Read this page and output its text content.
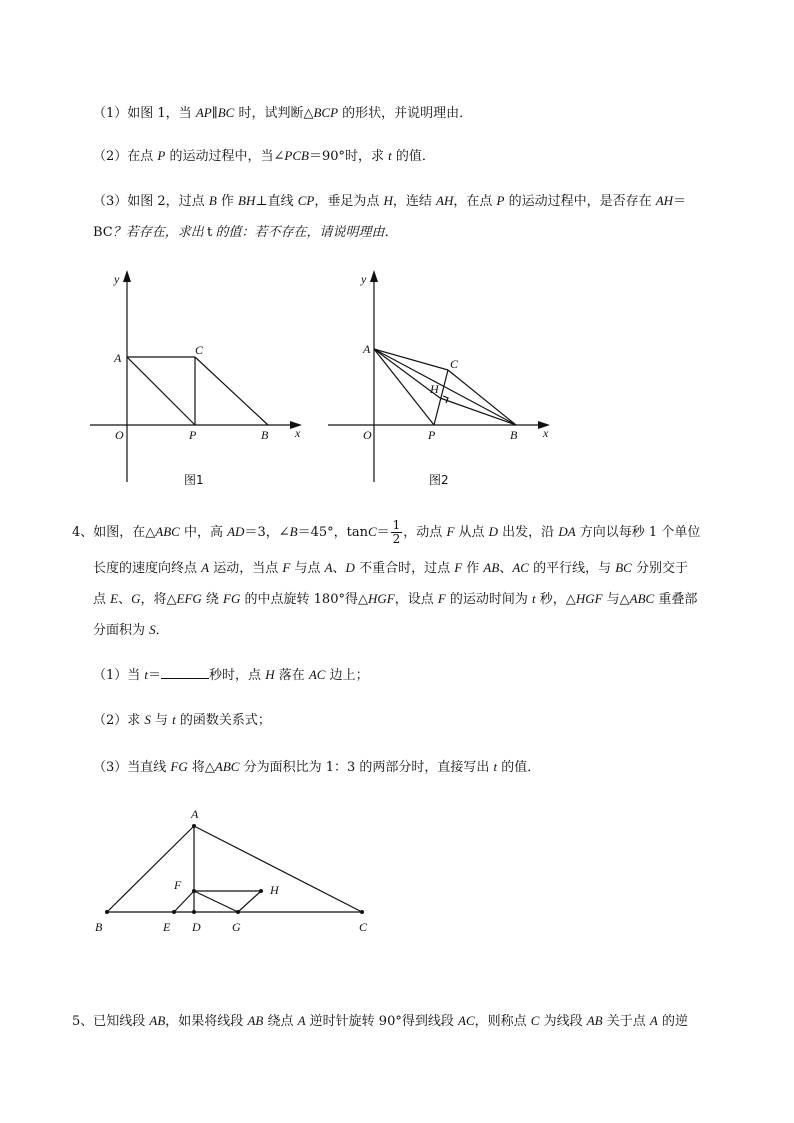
（1）如图 1，当 AP∥BC 时，试判断△BCP 的形状，并说明理由．
（2）在点 P 的运动过程中，当∠PCB＝90°时，求 t 的值．
（3）如图 2，过点 B 作 BH⊥直线 CP，垂足为点 H，连结 AH，在点 P 的运动过程中，是否存在 AH＝
BC？若存在，求出 t 的值：若不存在，请说明理由．
y
A
C
O	P	B x
图1
y
A
C
H
O	P	B x
图2
4、如图，在△ABC 中，高 AD＝3，∠B＝45°，$\tan C= \frac{1}{2}$ ，动点 F 从点 D 出发，沿 DA 方向以每秒 1 个单位
长度的速度向终点 A 运动，当点 F 与点 A、D 不重合时，过点 F 作 AB、AC 的平行线，与 BC 分别交于
点 E、G，将△EFG 绕 FG 的中点旋转 180°得△HGF，设点 F 的运动时间为 t 秒，△HGF 与△ABC 重叠部
分面积为 S．
（1）当 t＝	秒时，点 H 落在 AC 边上；
（2）求 S 与 t 的函数关系式；
（3）当直线 FG 将△ABC 分为面积比为 1：3 的两部分时，直接写出 t 的值．
A
F	H
B	E D	G	C
5、已知线段 AB，如果将线段 AB 绕点 A 逆时针旋转 90°得到线段 AC，则称点 C 为线段 AB 关于点 A 的逆
